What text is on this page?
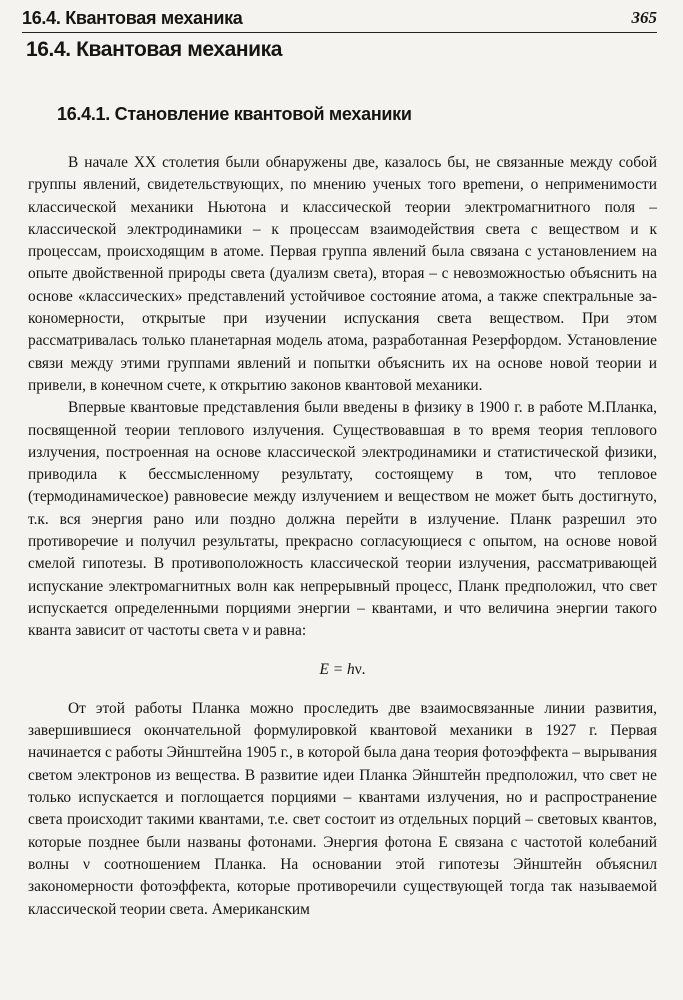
16.4. Квантовая механика	365
16.4. Квантовая механика
16.4.1. Становление квантовой механики

В начале XX столетия были обнаружены две, казалось бы, не связанные между собой группы явлений, свидетельствующих, по мнению ученых того вреmени, о неприменимости классической механики Ньютона и классической теории электромагнитного поля – классической электродинамики – к процессам взаимодействия света с веществом и к процессам, происходящим в атоме. Первая группа явлений была связана с установлением на опыте двойственной природы света (дуализм света), вторая – с невозможностью объяснить на основе «классических» представлений устойчивое состояние атома, а также спектральные закономерности, открытые при изучении испускания света веществом. При этом рассматривалась только планетарная модель атома, разработанная Резерфордом. Установление связи между этими группами явлений и попытки объяснить их на основе новой теории и привели, в конечном счете, к открытию законов квантовой механики.

Впервые квантовые представления были введены в физику в 1900 г. в работе М.Планка, посвященной теории теплового излучения. Существовавшая в то время теория теплового излучения, построенная на основе классической электродинамики и статистической физики, приводила к бессмысленному результату, состоящему в том, что тепловое (термодинамическое) равновесие между излучением и веществом не может быть достигнуто, т.к. вся энергия рано или поздно должна перейти в излучение. Планк разрешил это противоречие и получил результаты, прекрасно согласующиеся с опытом, на основе новой смелой гипотезы. В противоположность классической теории излучения, рассматривающей испускание электромагнитных волн как непрерывный процесс, Планк предположил, что свет испускается определенными порциями энергии – квантами, и что величина энергии такого кванта зависит от частоты света ν и равна:

E = hν.

От этой работы Планка можно проследить две взаимосвязанные линии развития, завершившиеся окончательной формулировкой квантовой механики в 1927 г. Первая начинается с работы Эйнштейна 1905 г., в которой была дана теория фотоэффекта – вырывания светом электронов из вещества. В развитие идеи Планка Эйнштейн предположил, что свет не только испускается и поглощается порциями – квантами излучения, но и распространение света происходит такими квантами, т.е. свет состоит из отдельных порций – световых квантов, которые позднее были названы фотонами. Энергия фотона E связана с частотой колебаний волны ν соотношением Планка. На основании этой гипотезы Эйнштейн объяснил закономерности фотоэффекта, которые противоречили существующей тогда так называемой классической теории света. Американским
